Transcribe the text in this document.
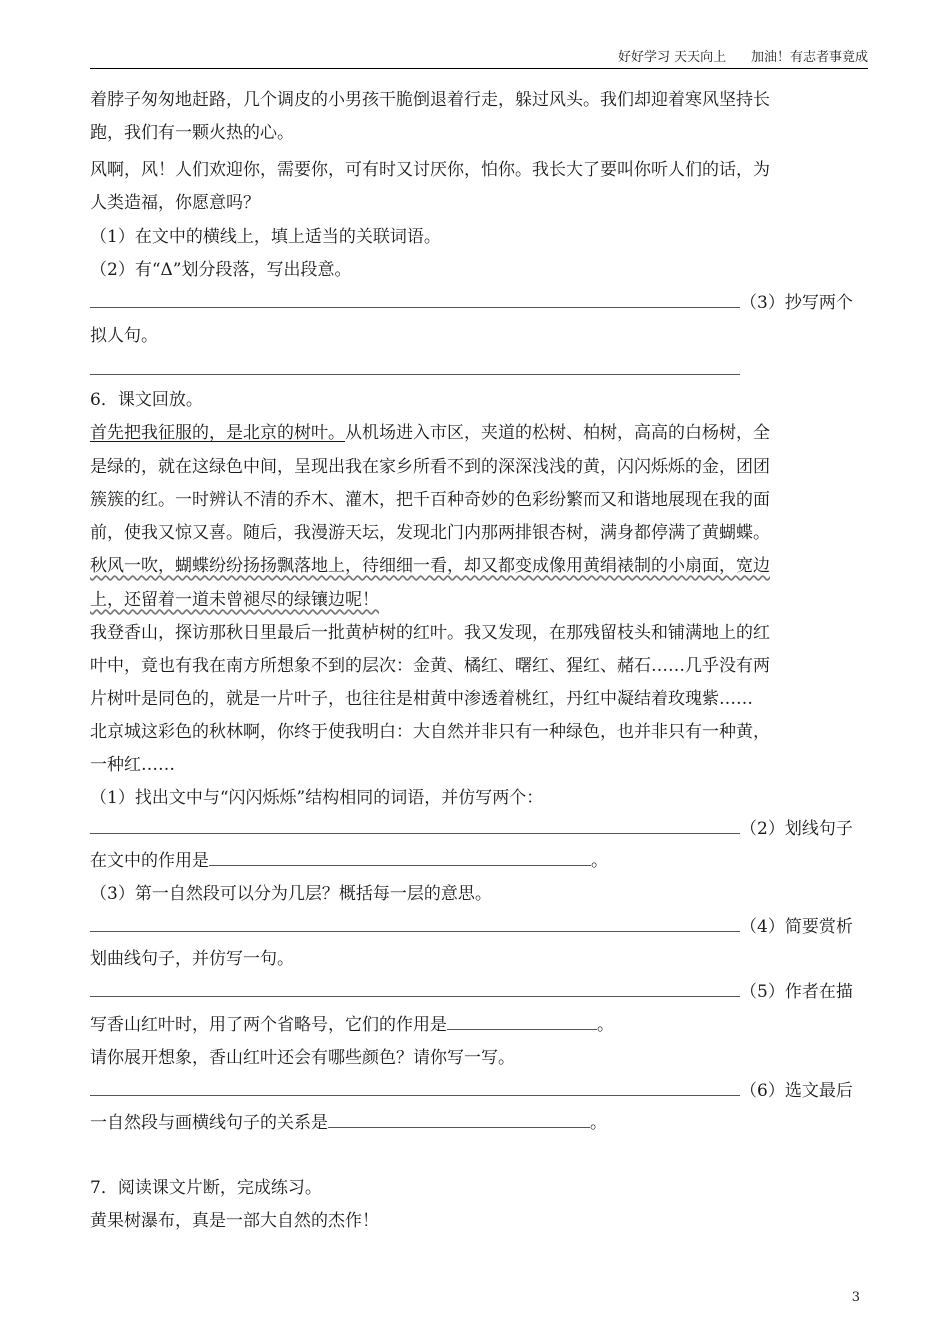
好好学习 天天向上 加油！有志者事竟成
着脖子匆匆地赶路，几个调皮的小男孩干脆倒退着行走，躲过风头。我们却迎着寒风坚持长
跑，我们有一颗火热的心。
风啊，风！人们欢迎你，需要你，可有时又讨厌你，怕你。我长大了要叫你听人们的话，为
人类造福，你愿意吗？
（1）在文中的横线上，填上适当的关联词语。
（2）有“Δ”划分段落，写出段意。
（3）抄写两个
拟人句。
6．课文回放。
首先把我征服的，是北京的树叶。从机场进入市区，夹道的松树、柏树，高高的白杨树，全
是绿的，就在这绿色中间，呈现出我在家乡所看不到的深深浅浅的黄，闪闪烁烁的金，团团
簇簇的红。一时辨认不清的乔木、灌木，把千百种奇妙的色彩纷繁而又和谐地展现在我的面
前，使我又惊又喜。随后，我漫游天坛，发现北门内那两排银杏树，满身都停满了黄蝴蝶。
秋风一吹，蝴蝶纷纷扬扬飘落地上，待细细一看，却又都变成像用黄绢裱制的小扇面，宽边
上，还留着一道未曾褪尽的绿镶边呢！
我登香山，探访那秋日里最后一批黄栌树的红叶。我又发现，在那残留枝头和铺满地上的红
叶中，竟也有我在南方所想象不到的层次：金黄、橘红、曙红、猩红、赭石……几乎没有两
片树叶是同色的，就是一片叶子，也往往是柑黄中渗透着桃红，丹红中凝结着玫瑰紫……
北京城这彩色的秋林啊，你终于使我明白：大自然并非只有一种绿色，也并非只有一种黄，
一种红……
（1）找出文中与“闪闪烁烁”结构相同的词语，并仿写两个：
（2）划线句子
在文中的作用是	。
（3）第一自然段可以分为几层？概括每一层的意思。
（4）简要赏析
划曲线句子，并仿写一句。
（5）作者在描
写香山红叶时，用了两个省略号，它们的作用是	。
请你展开想象，香山红叶还会有哪些颜色？请你写一写。
（6）选文最后
一自然段与画横线句子的关系是	。
7．阅读课文片断，完成练习。
黄果树瀑布，真是一部大自然的杰作！
3
